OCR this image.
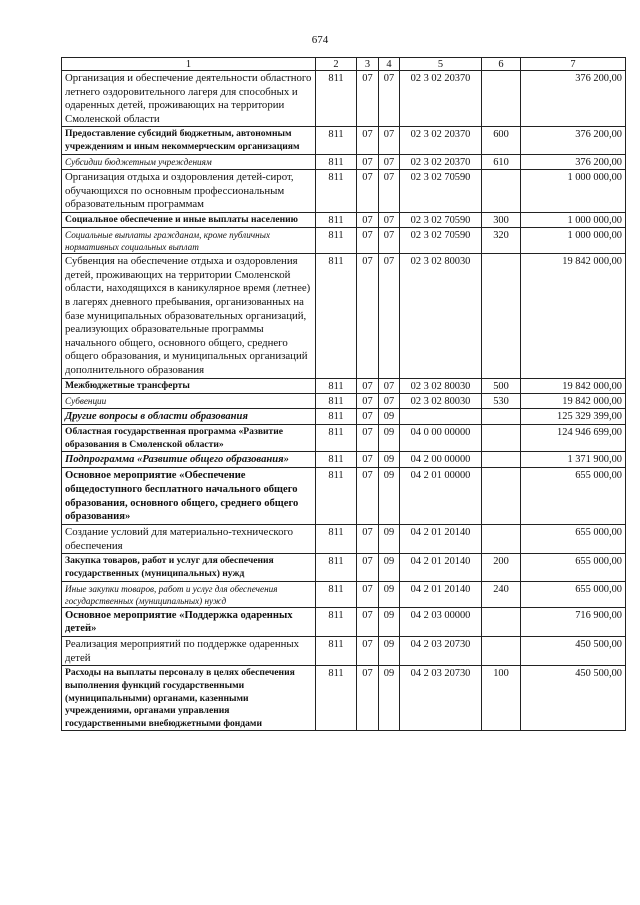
674
1	2	3	4	5	6	7
Организация и обеспечение деятельности областного летнего оздоровительного лагеря для способных и одаренных детей, проживающих на территории Смоленской области	811	07	07	02 3 02 20370		376 200,00
Предоставление субсидий бюджетным, автономным учреждениям и иным некоммерческим организациям	811	07	07	02 3 02 20370	600	376 200,00
Субсидии бюджетным учреждениям	811	07	07	02 3 02 20370	610	376 200,00
Организация отдыха и оздоровления детей-сирот, обучающихся по основным профессиональным образовательным программам	811	07	07	02 3 02 70590		1 000 000,00
Социальное обеспечение и иные выплаты населению	811	07	07	02 3 02 70590	300	1 000 000,00
Социальные выплаты гражданам, кроме публичных нормативных социальных выплат	811	07	07	02 3 02 70590	320	1 000 000,00
Субвенция на обеспечение отдыха и оздоровления детей, проживающих на территории Смоленской области, находящихся в каникулярное время (летнее) в лагерях дневного пребывания, организованных на базе муниципальных образовательных организаций, реализующих образовательные программы начального общего, основного общего, среднего общего образования, и муниципальных организаций дополнительного образования	811	07	07	02 3 02 80030		19 842 000,00
Межбюджетные трансферты	811	07	07	02 3 02 80030	500	19 842 000,00
Субвенции	811	07	07	02 3 02 80030	530	19 842 000,00
Другие вопросы в области образования	811	07	09			125 329 399,00
Областная государственная программа «Развитие образования в Смоленской области»	811	07	09	04 0 00 00000		124 946 699,00
Подпрограмма «Развитие общего образования»	811	07	09	04 2 00 00000		1 371 900,00
Основное мероприятие «Обеспечение общедоступного бесплатного начального общего образования, основного общего, среднего общего образования»	811	07	09	04 2 01 00000		655 000,00
Создание условий для материально-технического обеспечения	811	07	09	04 2 01 20140		655 000,00
Закупка товаров, работ и услуг для обеспечения государственных (муниципальных) нужд	811	07	09	04 2 01 20140	200	655 000,00
Иные закупки товаров, работ и услуг для обеспечения государственных (муниципальных) нужд	811	07	09	04 2 01 20140	240	655 000,00
Основное мероприятие «Поддержка одаренных детей»	811	07	09	04 2 03 00000		716 900,00
Реализация мероприятий по поддержке одаренных детей	811	07	09	04 2 03 20730		450 500,00
Расходы на выплаты персоналу в целях обеспечения выполнения функций государственными (муниципальными) органами, казенными учреждениями, органами управления государственными внебюджетными фондами	811	07	09	04 2 03 20730	100	450 500,00
